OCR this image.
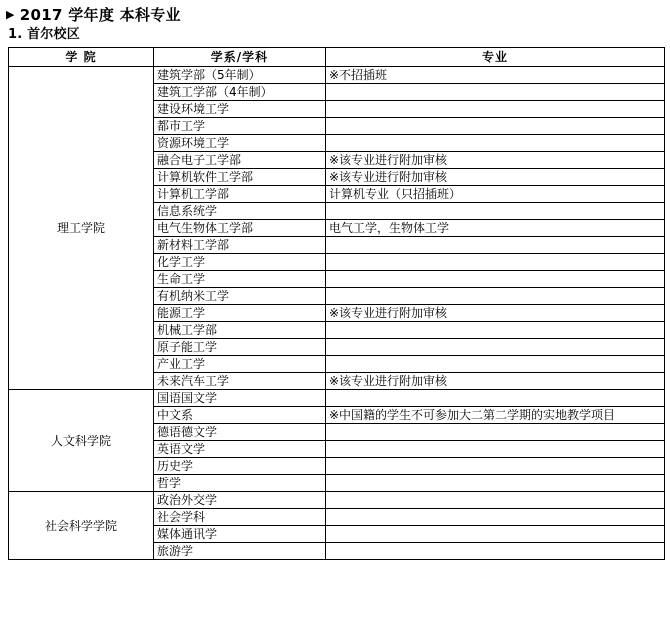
▶ 2017 学年度 本科专业
1. 首尔校区
学 院	学系/学科	专业
理工学院	建筑学部（5年制）	※不招插班
	建筑工学部（4年制）	
	建设环境工学	
	都市工学	
	资源环境工学	
	融合电子工学部	※该专业进行附加审核
	计算机软件工学部	※该专业进行附加审核
	计算机工学部	计算机专业（只招插班）
	信息系统学	
	电气生物体工学部	电气工学，生物体工学
	新材料工学部	
	化学工学	
	生命工学	
	有机纳米工学	
	能源工学	※该专业进行附加审核
	机械工学部	
	原子能工学	
	产业工学	
	未来汽车工学	※该专业进行附加审核
人文科学院	国语国文学	
	中文系	※中国籍的学生不可参加大二第二学期的实地教学项目
	德语德文学	
	英语文学	
	历史学	
	哲学	
社会科学学院	政治外交学	
	社会学科	
	媒体通讯学	
	旅游学	
